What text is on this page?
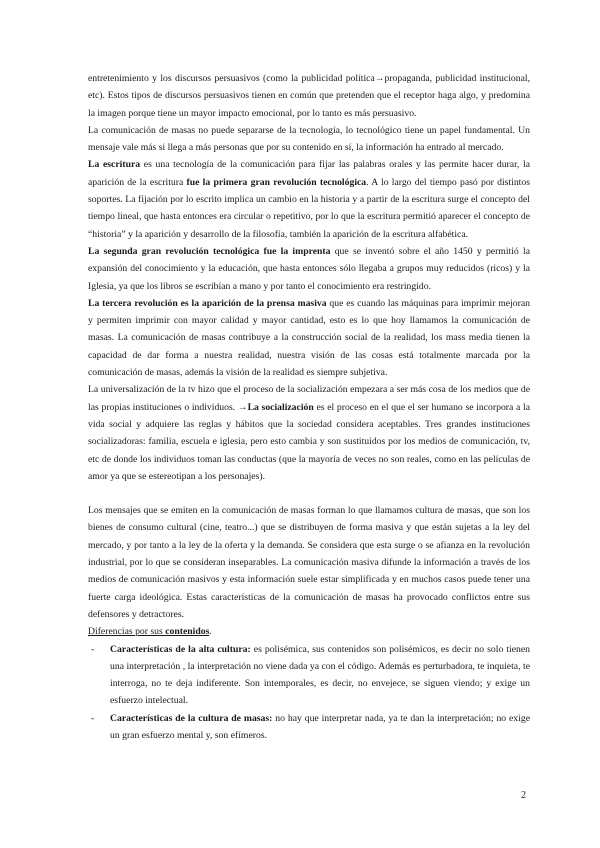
entretenimiento y los discursos persuasivos (como la publicidad política→propaganda, publicidad institucional, etc). Estos tipos de discursos persuasivos tienen en común que pretenden que el receptor haga algo, y predomina la imagen porque tiene un mayor impacto emocional, por lo tanto es más persuasivo.

La comunicación de masas no puede separarse de la tecnología, lo tecnológico tiene un papel fundamental. Un mensaje vale más si llega a más personas que por su contenido en sí, la información ha entrado al mercado.

La escritura es una tecnología de la comunicación para fijar las palabras orales y las permite hacer durar, la aparición de la escritura fue la primera gran revolución tecnológica. A lo largo del tiempo pasó por distintos soportes. La fijación por lo escrito implica un cambio en la historia y a partir de la escritura surge el concepto del tiempo lineal, que hasta entonces era circular o repetitivo, por lo que la escritura permitió aparecer el concepto de “historia” y la aparición y desarrollo de la filosofía, también la aparición de la escritura alfabética.

La segunda gran revolución tecnológica fue la imprenta que se inventó sobre el año 1450 y permitió la expansión del conocimiento y la educación, que hasta entonces sólo llegaba a grupos muy reducidos (ricos) y la Iglesia, ya que los libros se escribían a mano y por tanto el conocimiento era restringido.

La tercera revolución es la aparición de la prensa masiva que es cuando las máquinas para imprimir mejoran y permiten imprimir con mayor calidad y mayor cantidad, esto es lo que hoy llamamos la comunicación de masas. La comunicación de masas contribuye a la construcción social de la realidad, los mass media tienen la capacidad de dar forma a nuestra realidad, nuestra visión de las cosas está totalmente marcada por la comunicación de masas, además la visión de la realidad es siempre subjetiva.

La universalización de la tv hizo que el proceso de la socialización empezara a ser más cosa de los medios que de las propias instituciones o individuos. →La socialización es el proceso en el que el ser humano se incorpora a la vida social y adquiere las reglas y hábitos que la sociedad considera aceptables. Tres grandes instituciones socializadoras: familia, escuela e iglesia, pero esto cambia y son sustituidos por los medios de comunicación, tv, etc de donde los individuos toman las conductas (que la mayoría de veces no son reales, como en las películas de amor ya que se estereotipan a los personajes).

Los mensajes que se emiten en la comunicación de masas forman lo que llamamos cultura de masas, que son los bienes de consumo cultural (cine, teatro...) que se distribuyen de forma masiva y que están sujetas a la ley del mercado, y por tanto a la ley de la oferta y la demanda. Se considera que esta surge o se afianza en la revolución industrial, por lo que se consideran inseparables. La comunicación masiva difunde la información a través de los medios de comunicación masivos y esta información suele estar simplificada y en muchos casos puede tener una fuerte carga ideológica. Estas características de la comunicación de masas ha provocado conflictos entre sus defensores y detractores.

Diferencias por sus contenidos.

- Características de la alta cultura: es polisémica, sus contenidos son polisémicos, es decir no solo tienen una interpretación , la interpretación no viene dada ya con el código. Además es perturbadora, te inquieta, te interroga, no te deja indiferente. Son intemporales, es decir, no envejece, se siguen viendo; y exige un esfuerzo intelectual.
- Características de la cultura de masas: no hay que interpretar nada, ya te dan la interpretación; no exige un gran esfuerzo mental y, son efímeros.
2
